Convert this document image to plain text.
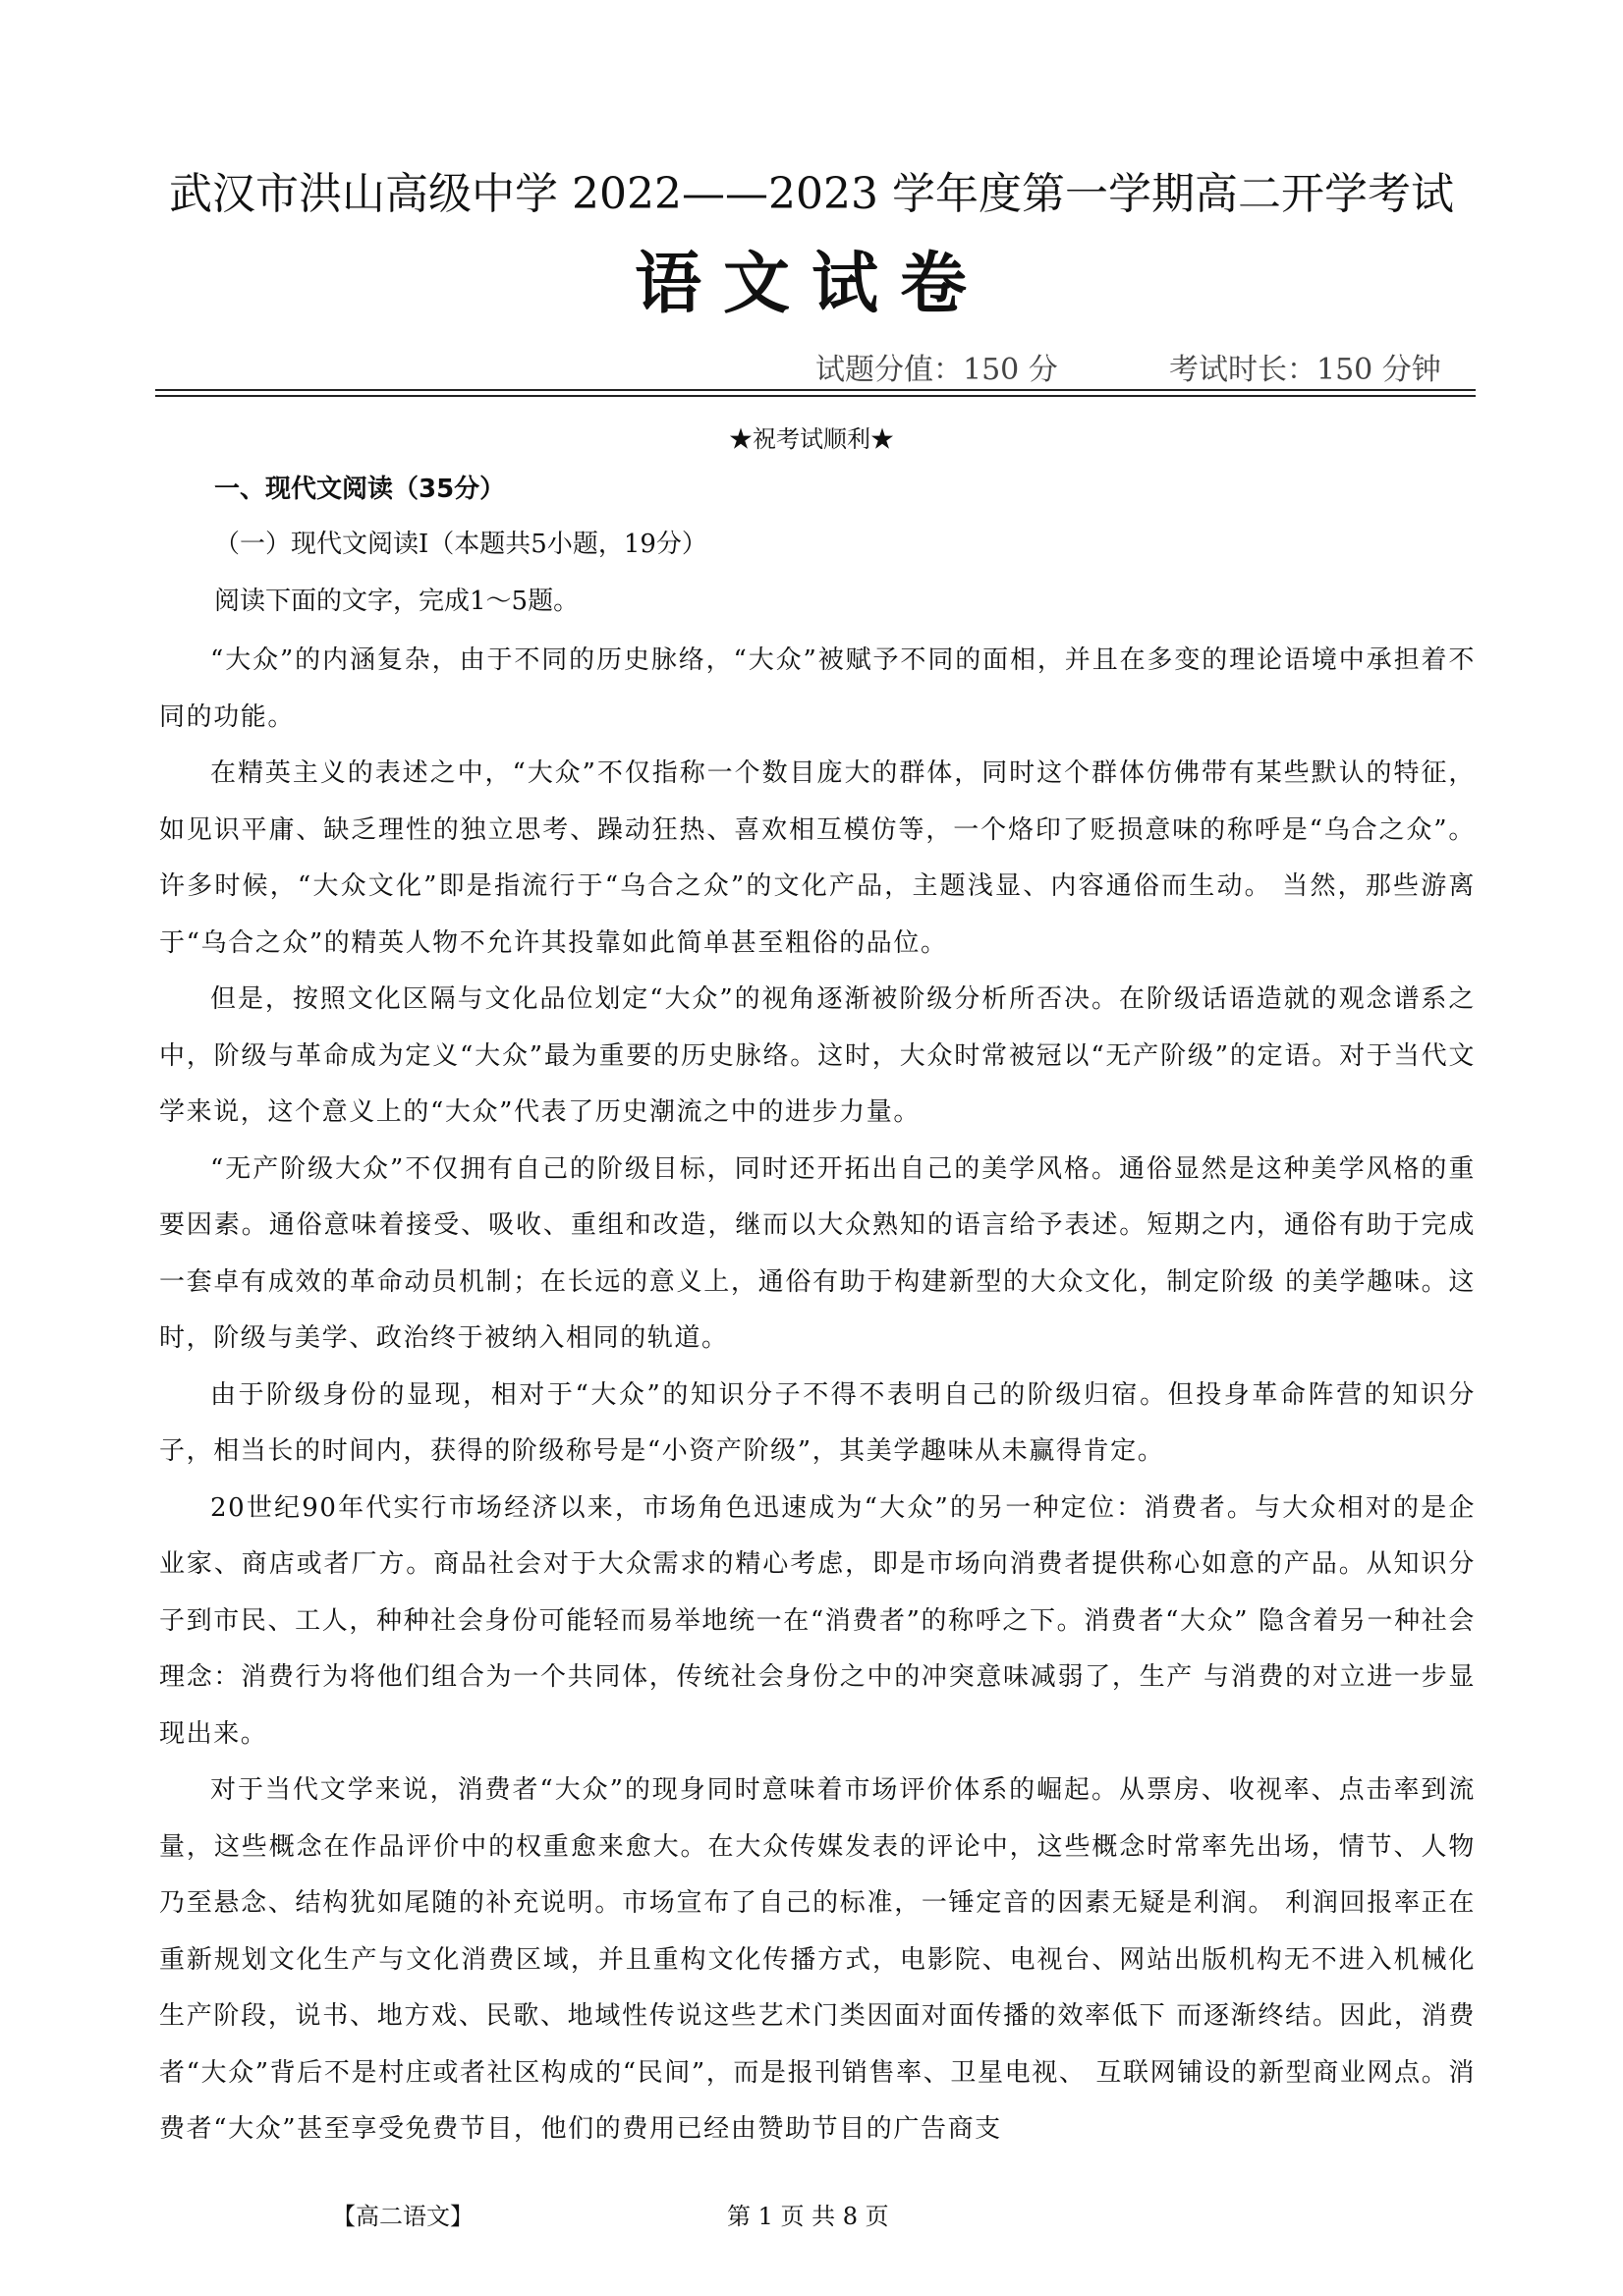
武汉市洪山高级中学 2022——2023 学年度第一学期高二开学考试
语文试卷
试题分值：150 分	考试时长：150 分钟
★祝考试顺利★
一、现代文阅读（35分）
（一）现代文阅读Ⅰ（本题共5小题，19分）
阅读下面的文字，完成1～5题。

“大众”的内涵复杂，由于不同的历史脉络，“大众”被赋予不同的面相，并且在多变的理论语境中承担着不同的功能。

在精英主义的表述之中，“大众”不仅指称一个数目庞大的群体，同时这个群体仿佛带有某些默认的特征，如见识平庸、缺乏理性的独立思考、躁动狂热、喜欢相互模仿等，一个烙印了贬损意味的称呼是“乌合之众”。许多时候，“大众文化”即是指流行于“乌合之众”的文化产品，主题浅显、内容通俗而生动。 当然，那些游离于“乌合之众”的精英人物不允许其投靠如此简单甚至粗俗的品位。

但是，按照文化区隔与文化品位划定“大众”的视角逐渐被阶级分析所否决。在阶级话语造就的观念谱系之中，阶级与革命成为定义“大众”最为重要的历史脉络。这时，大众时常被冠以“无产阶级”的定语。对于当代文学来说，这个意义上的“大众”代表了历史潮流之中的进步力量。

“无产阶级大众”不仅拥有自己的阶级目标，同时还开拓出自己的美学风格。通俗显然是这种美学风格的重要因素。通俗意味着接受、吸收、重组和改造，继而以大众熟知的语言给予表述。短期之内，通俗有助于完成一套卓有成效的革命动员机制；在长远的意义上，通俗有助于构建新型的大众文化，制定阶级 的美学趣味。这时，阶级与美学、政治终于被纳入相同的轨道。

由于阶级身份的显现，相对于“大众”的知识分子不得不表明自己的阶级归宿。但投身革命阵营的知识分子，相当长的时间内，获得的阶级称号是“小资产阶级”，其美学趣味从未赢得肯定。

20世纪90年代实行市场经济以来，市场角色迅速成为“大众”的另一种定位：消费者。与大众相对的是企业家、商店或者厂方。商品社会对于大众需求的精心考虑，即是市场向消费者提供称心如意的产品。从知识分子到市民、工人，种种社会身份可能轻而易举地统一在“消费者”的称呼之下。消费者“大众” 隐含着另一种社会理念：消费行为将他们组合为一个共同体，传统社会身份之中的冲突意味减弱了，生产 与消费的对立进一步显现出来。

对于当代文学来说，消费者“大众”的现身同时意味着市场评价体系的崛起。从票房、收视率、点击率到流量，这些概念在作品评价中的权重愈来愈大。在大众传媒发表的评论中，这些概念时常率先出场，情节、人物乃至悬念、结构犹如尾随的补充说明。市场宣布了自己的标准，一锤定音的因素无疑是利润。 利润回报率正在重新规划文化生产与文化消费区域，并且重构文化传播方式，电影院、电视台、网站出版机构无不进入机械化生产阶段，说书、地方戏、民歌、地域性传说这些艺术门类因面对面传播的效率低下 而逐渐终结。因此，消费者“大众”背后不是村庄或者社区构成的“民间”，而是报刊销售率、卫星电视、 互联网铺设的新型商业网点。消费者“大众”甚至享受免费节目，他们的费用已经由赞助节目的广告商支

【高二语文】	第 1 页 共 8 页
